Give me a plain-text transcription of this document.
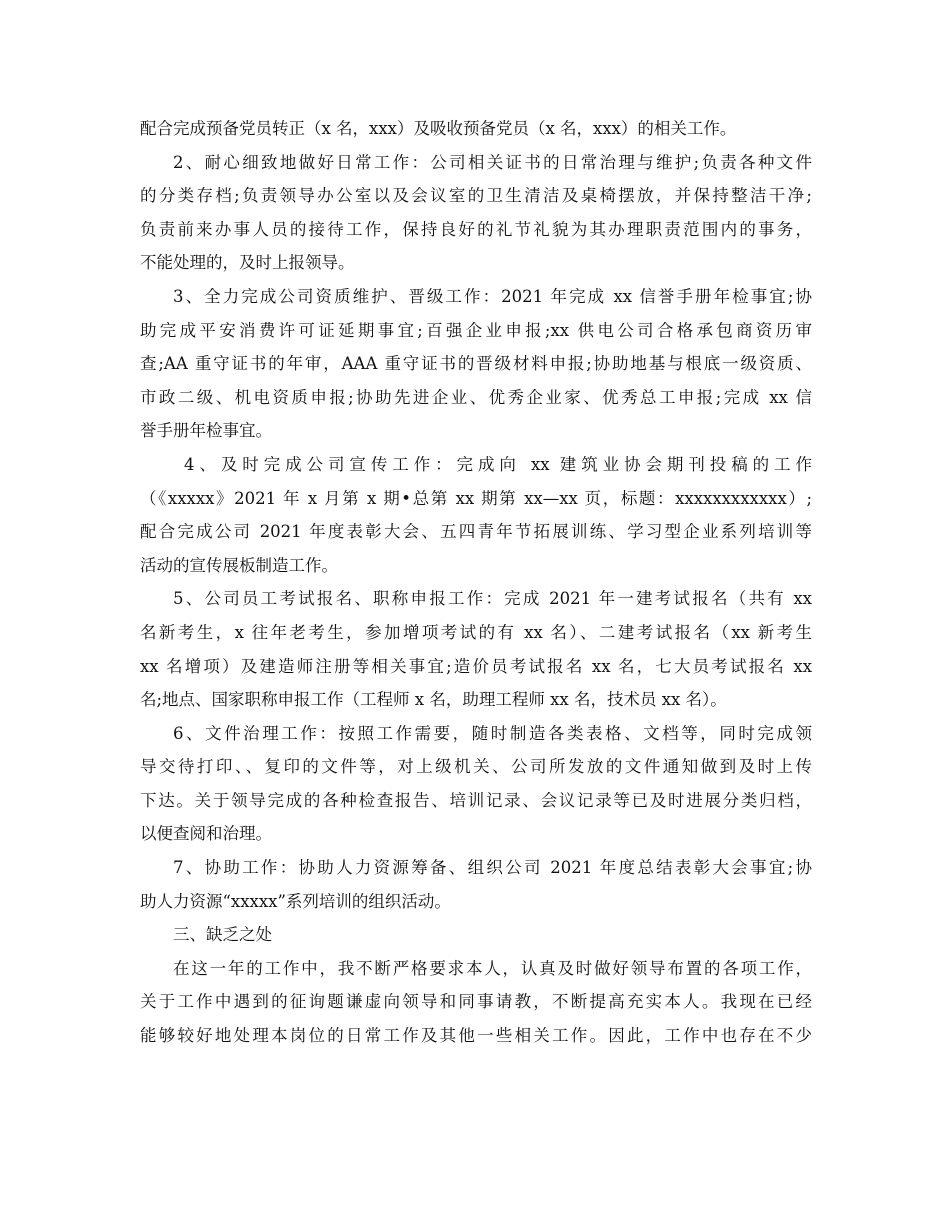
配合完成预备党员转正（x 名，xxx）及吸收预备党员（x 名，xxx）的相关工作。
2、耐心细致地做好日常工作：公司相关证书的日常治理与维护;负责各种文件
的分类存档;负责领导办公室以及会议室的卫生清洁及桌椅摆放，并保持整洁干净;
负责前来办事人员的接待工作，保持良好的礼节礼貌为其办理职责范围内的事务，
不能处理的，及时上报领导。
3、全力完成公司资质维护、晋级工作：2021 年完成 xx 信誉手册年检事宜;协
助完成平安消费许可证延期事宜;百强企业申报;xx 供电公司合格承包商资历审
查;AA 重守证书的年审，AAA 重守证书的晋级材料申报;协助地基与根底一级资质、
市政二级、机电资质申报;协助先进企业、优秀企业家、优秀总工申报;完成 xx 信
誉手册年检事宜。
4、及时完成公司宣传工作：完成向 xx 建筑业协会期刊投稿的工作
（《xxxxx》2021 年 x 月第 x 期•总第 xx 期第 xx—xx 页，标题：xxxxxxxxxxxx）;
配合完成公司 2021 年度表彰大会、五四青年节拓展训练、学习型企业系列培训等
活动的宣传展板制造工作。
5、公司员工考试报名、职称申报工作：完成 2021 年一建考试报名（共有 xx
名新考生，x 往年老考生，参加增项考试的有 xx 名）、二建考试报名（xx 新考生
xx 名增项）及建造师注册等相关事宜;造价员考试报名 xx 名，七大员考试报名 xx
名;地点、国家职称申报工作（工程师 x 名，助理工程师 xx 名，技术员 xx 名）。
6、文件治理工作：按照工作需要，随时制造各类表格、文档等，同时完成领
导交待打印、、复印的文件等，对上级机关、公司所发放的文件通知做到及时上传
下达。关于领导完成的各种检查报告、培训记录、会议记录等已及时进展分类归档，
以便查阅和治理。
7、协助工作：协助人力资源筹备、组织公司 2021 年度总结表彰大会事宜;协
助人力资源“xxxxx”系列培训的组织活动。
三、缺乏之处
在这一年的工作中，我不断严格要求本人，认真及时做好领导布置的各项工作，
关于工作中遇到的征询题谦虚向领导和同事请教，不断提高充实本人。我现在已经
能够较好地处理本岗位的日常工作及其他一些相关工作。因此，工作中也存在不少
